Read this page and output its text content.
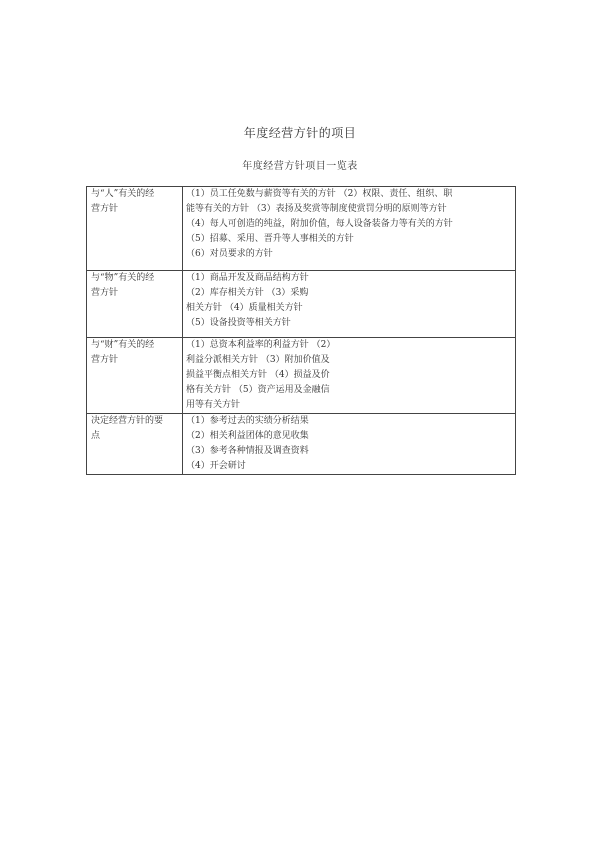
年度经营方针的项目
年度经营方针项目一览表
与“人”有关的经
营方针	（1）员工任免数与薪资等有关的方针 （2）权限、责任、组织、职
能等有关的方针 （3）表扬及奖赏等制度使赏罚分明的原则等方针
（4）每人可创造的纯益，附加价值，每人设备装备力等有关的方针
（5）招募、采用、晋升等人事相关的方针
（6）对员要求的方针

与“物”有关的经
营方针	（1）商品开发及商品结构方针
（2）库存相关方针 （3）采购
相关方针 （4）质量相关方针
（5）设备投资等相关方针

与“财”有关的经
营方针	（1）总资本利益率的利益方针 （2）
利益分派相关方针 （3）附加价值及
损益平衡点相关方针 （4）损益及价
格有关方针 （5）资产运用及金融信
用等有关方针

决定经营方针的要
点	（1）参考过去的实绩分析结果
（2）相关利益团体的意见收集
（3）参考各种情报及调查资料
（4）开会研讨
